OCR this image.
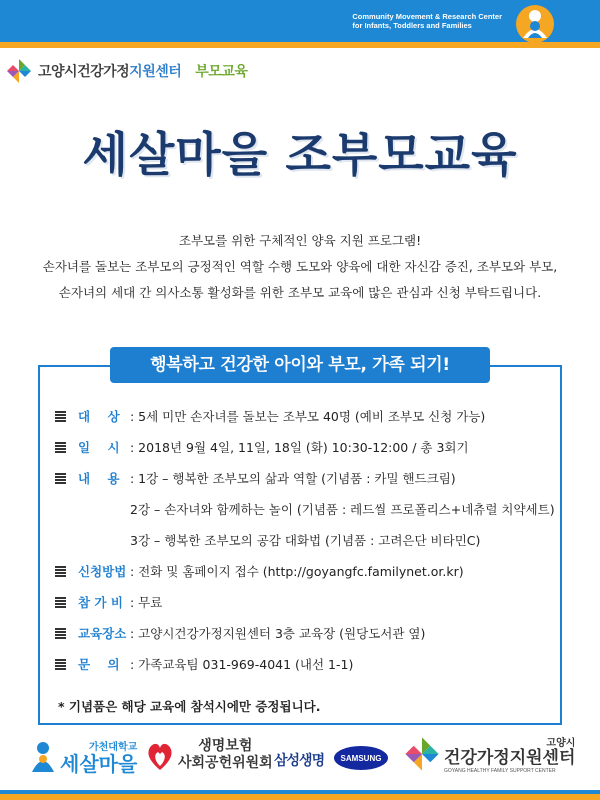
Community Movement & Research Center
for Infants, Toddlers and Families
고양시건강가정지원센터 부모교육
세살마을 조부모교육
조부모를 위한 구체적인 양육 지원 프로그램!
손자녀를 돌보는 조부모의 긍정적인 역할 수행 도모와 양육에 대한 자신감 증진, 조부모와 부모,
손자녀의 세대 간 의사소통 활성화를 위한 조부모 교육에 많은 관심과 신청 부탁드립니다.
행복하고 건강한 아이와 부모, 가족 되기!
대    상 : 5세 미만 손자녀를 돌보는 조부모 40명 (예비 조부모 신청 가능)
일    시 : 2018년 9월 4일, 11일, 18일 (화) 10:30-12:00 / 총 3회기
내    용 : 1강 – 행복한 조부모의 삶과 역할 (기념품 : 카밀 핸드크림)
2강 – 손자녀와 함께하는 놀이 (기념품 : 레드씰 프로폴리스+네츄럴 치약세트)
3강 – 행복한 조부모의 공감 대화법 (기념품 : 고려은단 비타민C)
신청방법 : 전화 및 홈페이지 접수 (http://goyangfc.familynet.or.kr)
참 가 비 : 무료
교육장소 : 고양시건강가정지원센터 3층 교육장 (원당도서관 옆)
문    의 : 가족교육팀 031-969-4041 (내선 1-1)
* 기념품은 해당 교육에 참석시에만 증정됩니다.
가천대학교
세살마을
생명보험
사회공헌위원회 삼성생명 SAMSUNG
고양시
건강가정지원센터
GOYANG HEALTHY FAMILY SUPPORT CENTER
